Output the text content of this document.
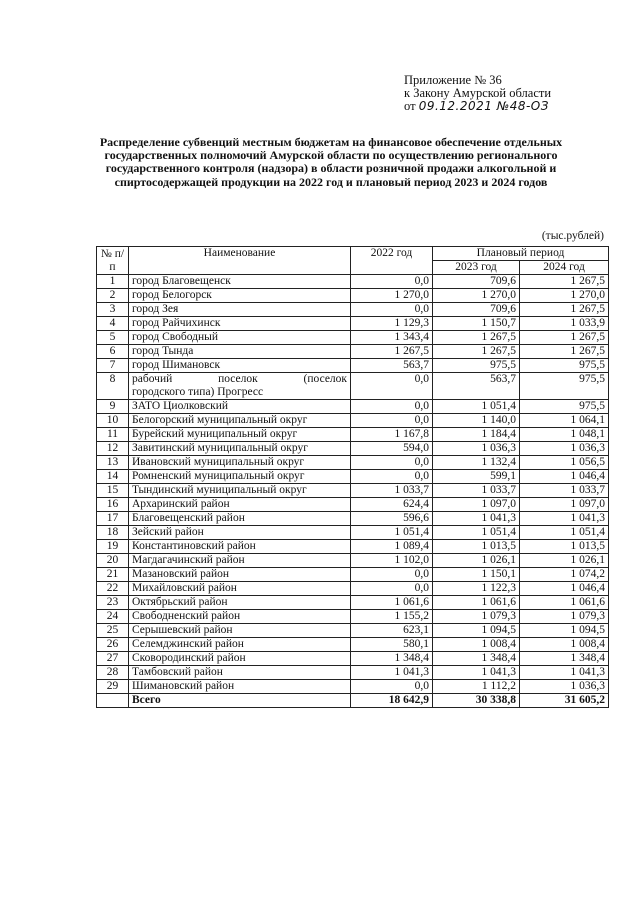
Приложение № 36
к Закону Амурской области
от 09.12.2021 №48-ОЗ
Распределение субвенций местным бюджетам на финансовое обеспечение отдельных государственных полномочий Амурской области по осуществлению регионального государственного контроля (надзора) в области розничной продажи алкогольной и спиртосодержащей продукции на 2022 год и плановый период 2023 и 2024 годов
(тыс.рублей)
№ п/п	Наименование	2022 год	Плановый период	
			2023 год	2024 год
1	город Благовещенск	0,0	709,6	1 267,5
2	город Белогорск	1 270,0	1 270,0	1 270,0
3	город Зея	0,0	709,6	1 267,5
4	город Райчихинск	1 129,3	1 150,7	1 033,9
5	город Свободный	1 343,4	1 267,5	1 267,5
6	город Тында	1 267,5	1 267,5	1 267,5
7	город Шимановск	563,7	975,5	975,5
8	рабочий поселок (поселок
городского типа) Прогресс	0,0	563,7	975,5
9	ЗАТО Циолковский	0,0	1 051,4	975,5
10	Белогорский муниципальный округ	0,0	1 140,0	1 064,1
11	Бурейский муниципальный округ	1 167,8	1 184,4	1 048,1
12	Завитинский муниципальный округ	594,0	1 036,3	1 036,3
13	Ивановский муниципальный округ	0,0	1 132,4	1 056,5
14	Ромненский муниципальный округ	0,0	599,1	1 046,4
15	Тындинский муниципальный округ	1 033,7	1 033,7	1 033,7
16	Архаринский район	624,4	1 097,0	1 097,0
17	Благовещенский район	596,6	1 041,3	1 041,3
18	Зейский район	1 051,4	1 051,4	1 051,4
19	Константиновский район	1 089,4	1 013,5	1 013,5
20	Магдагачинский район	1 102,0	1 026,1	1 026,1
21	Мазановский район	0,0	1 150,1	1 074,2
22	Михайловский район	0,0	1 122,3	1 046,4
23	Октябрьский район	1 061,6	1 061,6	1 061,6
24	Свободненский район	1 155,2	1 079,3	1 079,3
25	Серышевский район	623,1	1 094,5	1 094,5
26	Селемджинский район	580,1	1 008,4	1 008,4
27	Сковородинский район	1 348,4	1 348,4	1 348,4
28	Тамбовский район	1 041,3	1 041,3	1 041,3
29	Шимановский район	0,0	1 112,2	1 036,3
	Всего	18 642,9	30 338,8	31 605,2
